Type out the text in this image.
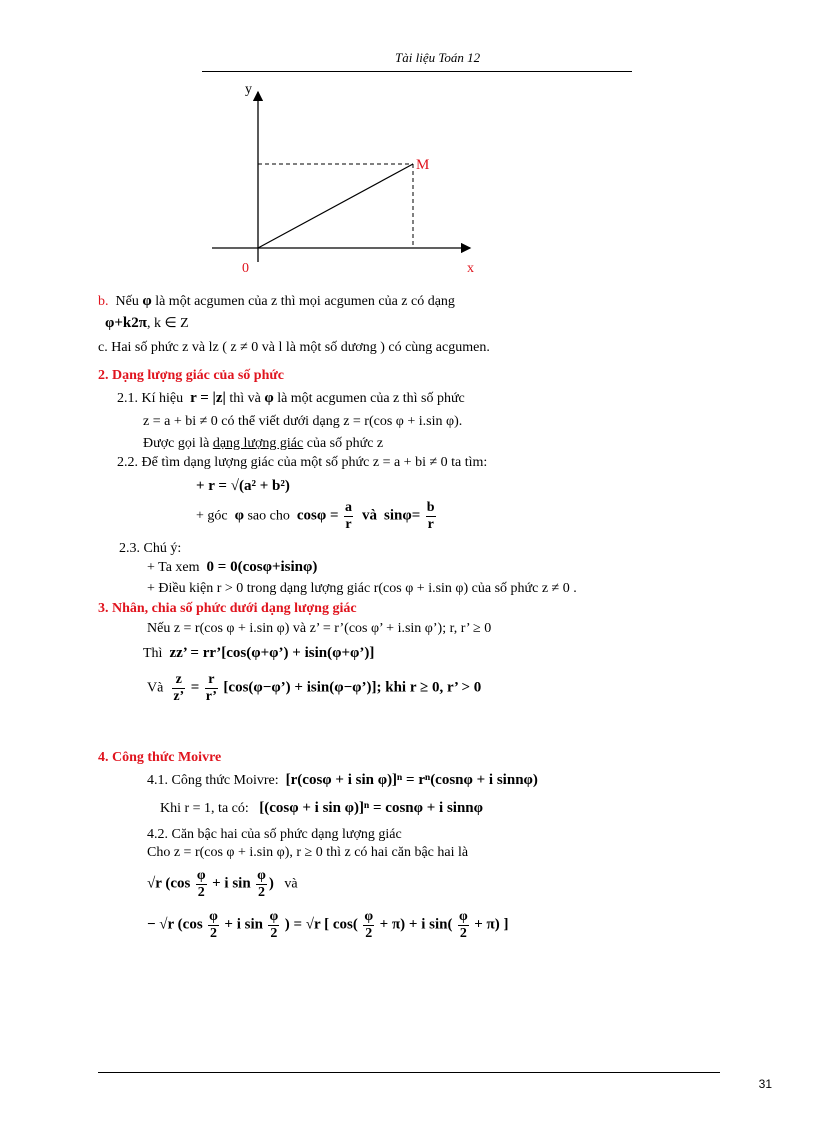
Tài liệu Toán 12
y
x
0
M
b. Nếu φ là một acgumen của z thì mọi acgumen của z có dạng
φ+k2π, k ∈ Z
c. Hai số phức z và lz ( z ≠ 0 và l là một số dương ) có cùng acgumen.
2. Dạng lượng giác của số phức
2.1. Kí hiệu r = |z| thì và φ là một acgumen của z thì số phức
z = a + bi ≠ 0 có thể viết dưới dạng z = r(cos φ + i.sin φ).
Được gọi là dạng lượng giác của số phức z
2.2. Để tìm dạng lượng giác của một số phức z = a + bi ≠ 0 ta tìm:
+ r = √(a² + b²)
+ góc φ sao cho $\cos\varphi = \frac{a}{r}$ và $\sin\varphi= \frac{b}{r}$
2.3. Chú ý:
+ Ta xem 0 = 0(cosφ+isinφ)
+ Điều kiện r > 0 trong dạng lượng giác r(cos φ + i.sin φ) của số phức z ≠ 0 .
3. Nhân, chia số phức dưới dạng lượng giác
Nếu z = r(cos φ + i.sin φ) và z’ = r’(cos φ’ + i.sin φ’); r, r’ ≥ 0
Thì zz’ = rr’[cos(φ+φ’) + isin(φ+φ’)]
Và $\frac{z}{z’} = \frac{r}{r’}$ [cos(φ−φ’) + isin(φ−φ’)]; khi r ≥ 0, r’ > 0
4. Công thức Moivre
4.1. Công thức Moivre: [r(cosφ + i sin φ)]ⁿ = rⁿ(cosnφ + i sinnφ)
Khi r = 1, ta có: [(cosφ + i sin φ)]ⁿ = cosnφ + i sinnφ
4.2. Căn bậc hai của số phức dạng lượng giác
Cho z = r(cos φ + i.sin φ), r ≥ 0 thì z có hai căn bậc hai là
√r ($\cos \frac{\varphi}{2} + i$ $\sin \frac{\varphi}{2}$ ) và
− √r ($\cos \frac{\varphi}{2} + i$ $\sin \frac{\varphi}{2}$ ) = √r [ $\cos( \frac{\varphi}{2} + \pi) + i$ $\sin( \frac{\varphi}{2} + \pi)$ ]
31
